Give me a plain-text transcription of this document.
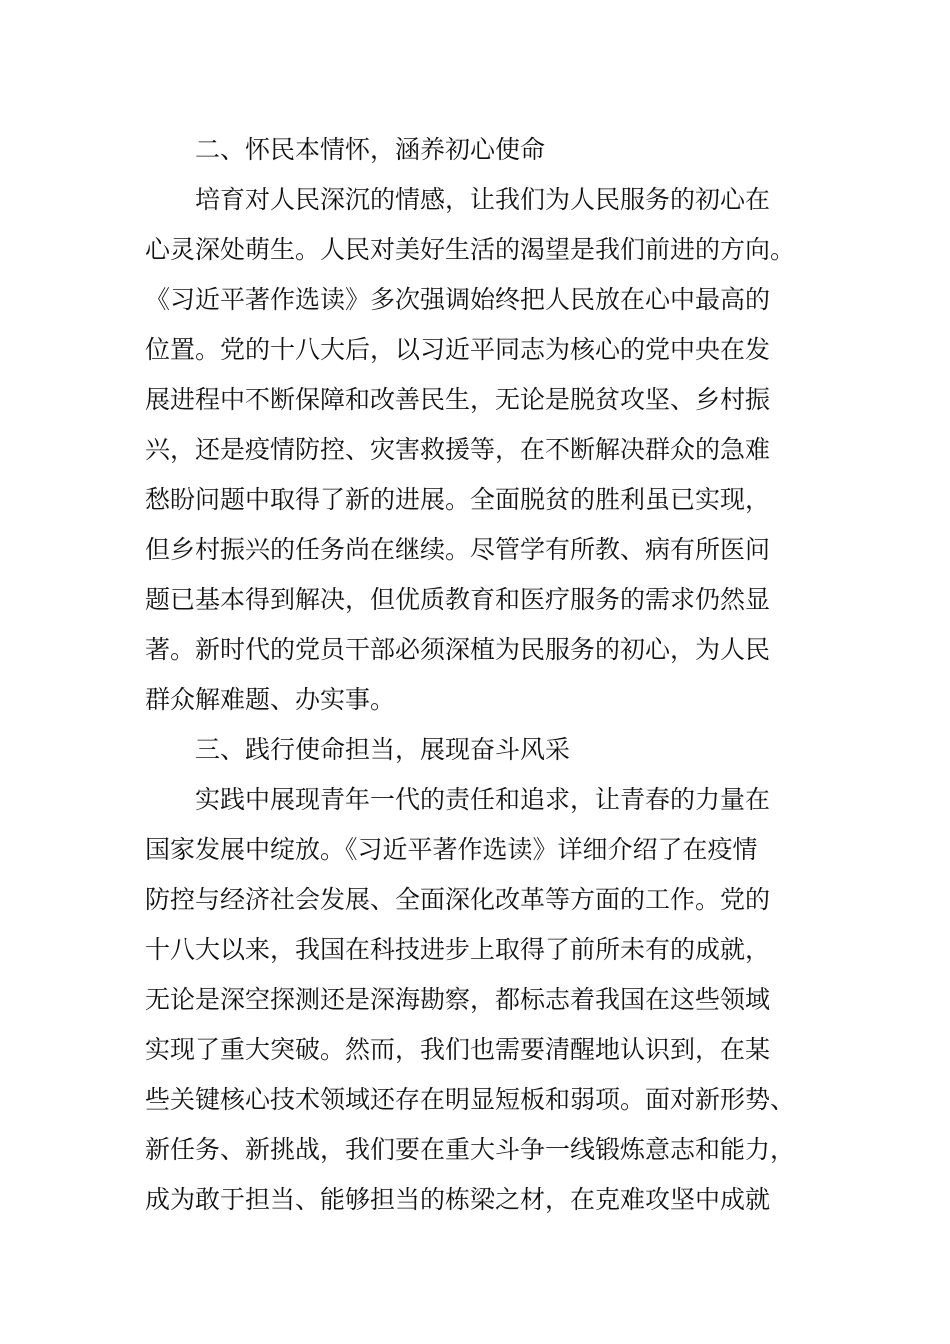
二、怀民本情怀，涵养初心使命
培育对人民深沉的情感，让我们为人民服务的初心在
心灵深处萌生。人民对美好生活的渴望是我们前进的方向。
《习近平著作选读》多次强调始终把人民放在心中最高的
位置。党的十八大后，以习近平同志为核心的党中央在发
展进程中不断保障和改善民生，无论是脱贫攻坚、乡村振
兴，还是疫情防控、灾害救援等，在不断解决群众的急难
愁盼问题中取得了新的进展。全面脱贫的胜利虽已实现，
但乡村振兴的任务尚在继续。尽管学有所教、病有所医问
题已基本得到解决，但优质教育和医疗服务的需求仍然显
著。新时代的党员干部必须深植为民服务的初心，为人民
群众解难题、办实事。
三、践行使命担当，展现奋斗风采
实践中展现青年一代的责任和追求，让青春的力量在
国家发展中绽放。《习近平著作选读》详细介绍了在疫情
防控与经济社会发展、全面深化改革等方面的工作。党的
十八大以来，我国在科技进步上取得了前所未有的成就，
无论是深空探测还是深海勘察，都标志着我国在这些领域
实现了重大突破。然而，我们也需要清醒地认识到，在某
些关键核心技术领域还存在明显短板和弱项。面对新形势、
新任务、新挑战，我们要在重大斗争一线锻炼意志和能力，
成为敢于担当、能够担当的栋梁之材，在克难攻坚中成就
